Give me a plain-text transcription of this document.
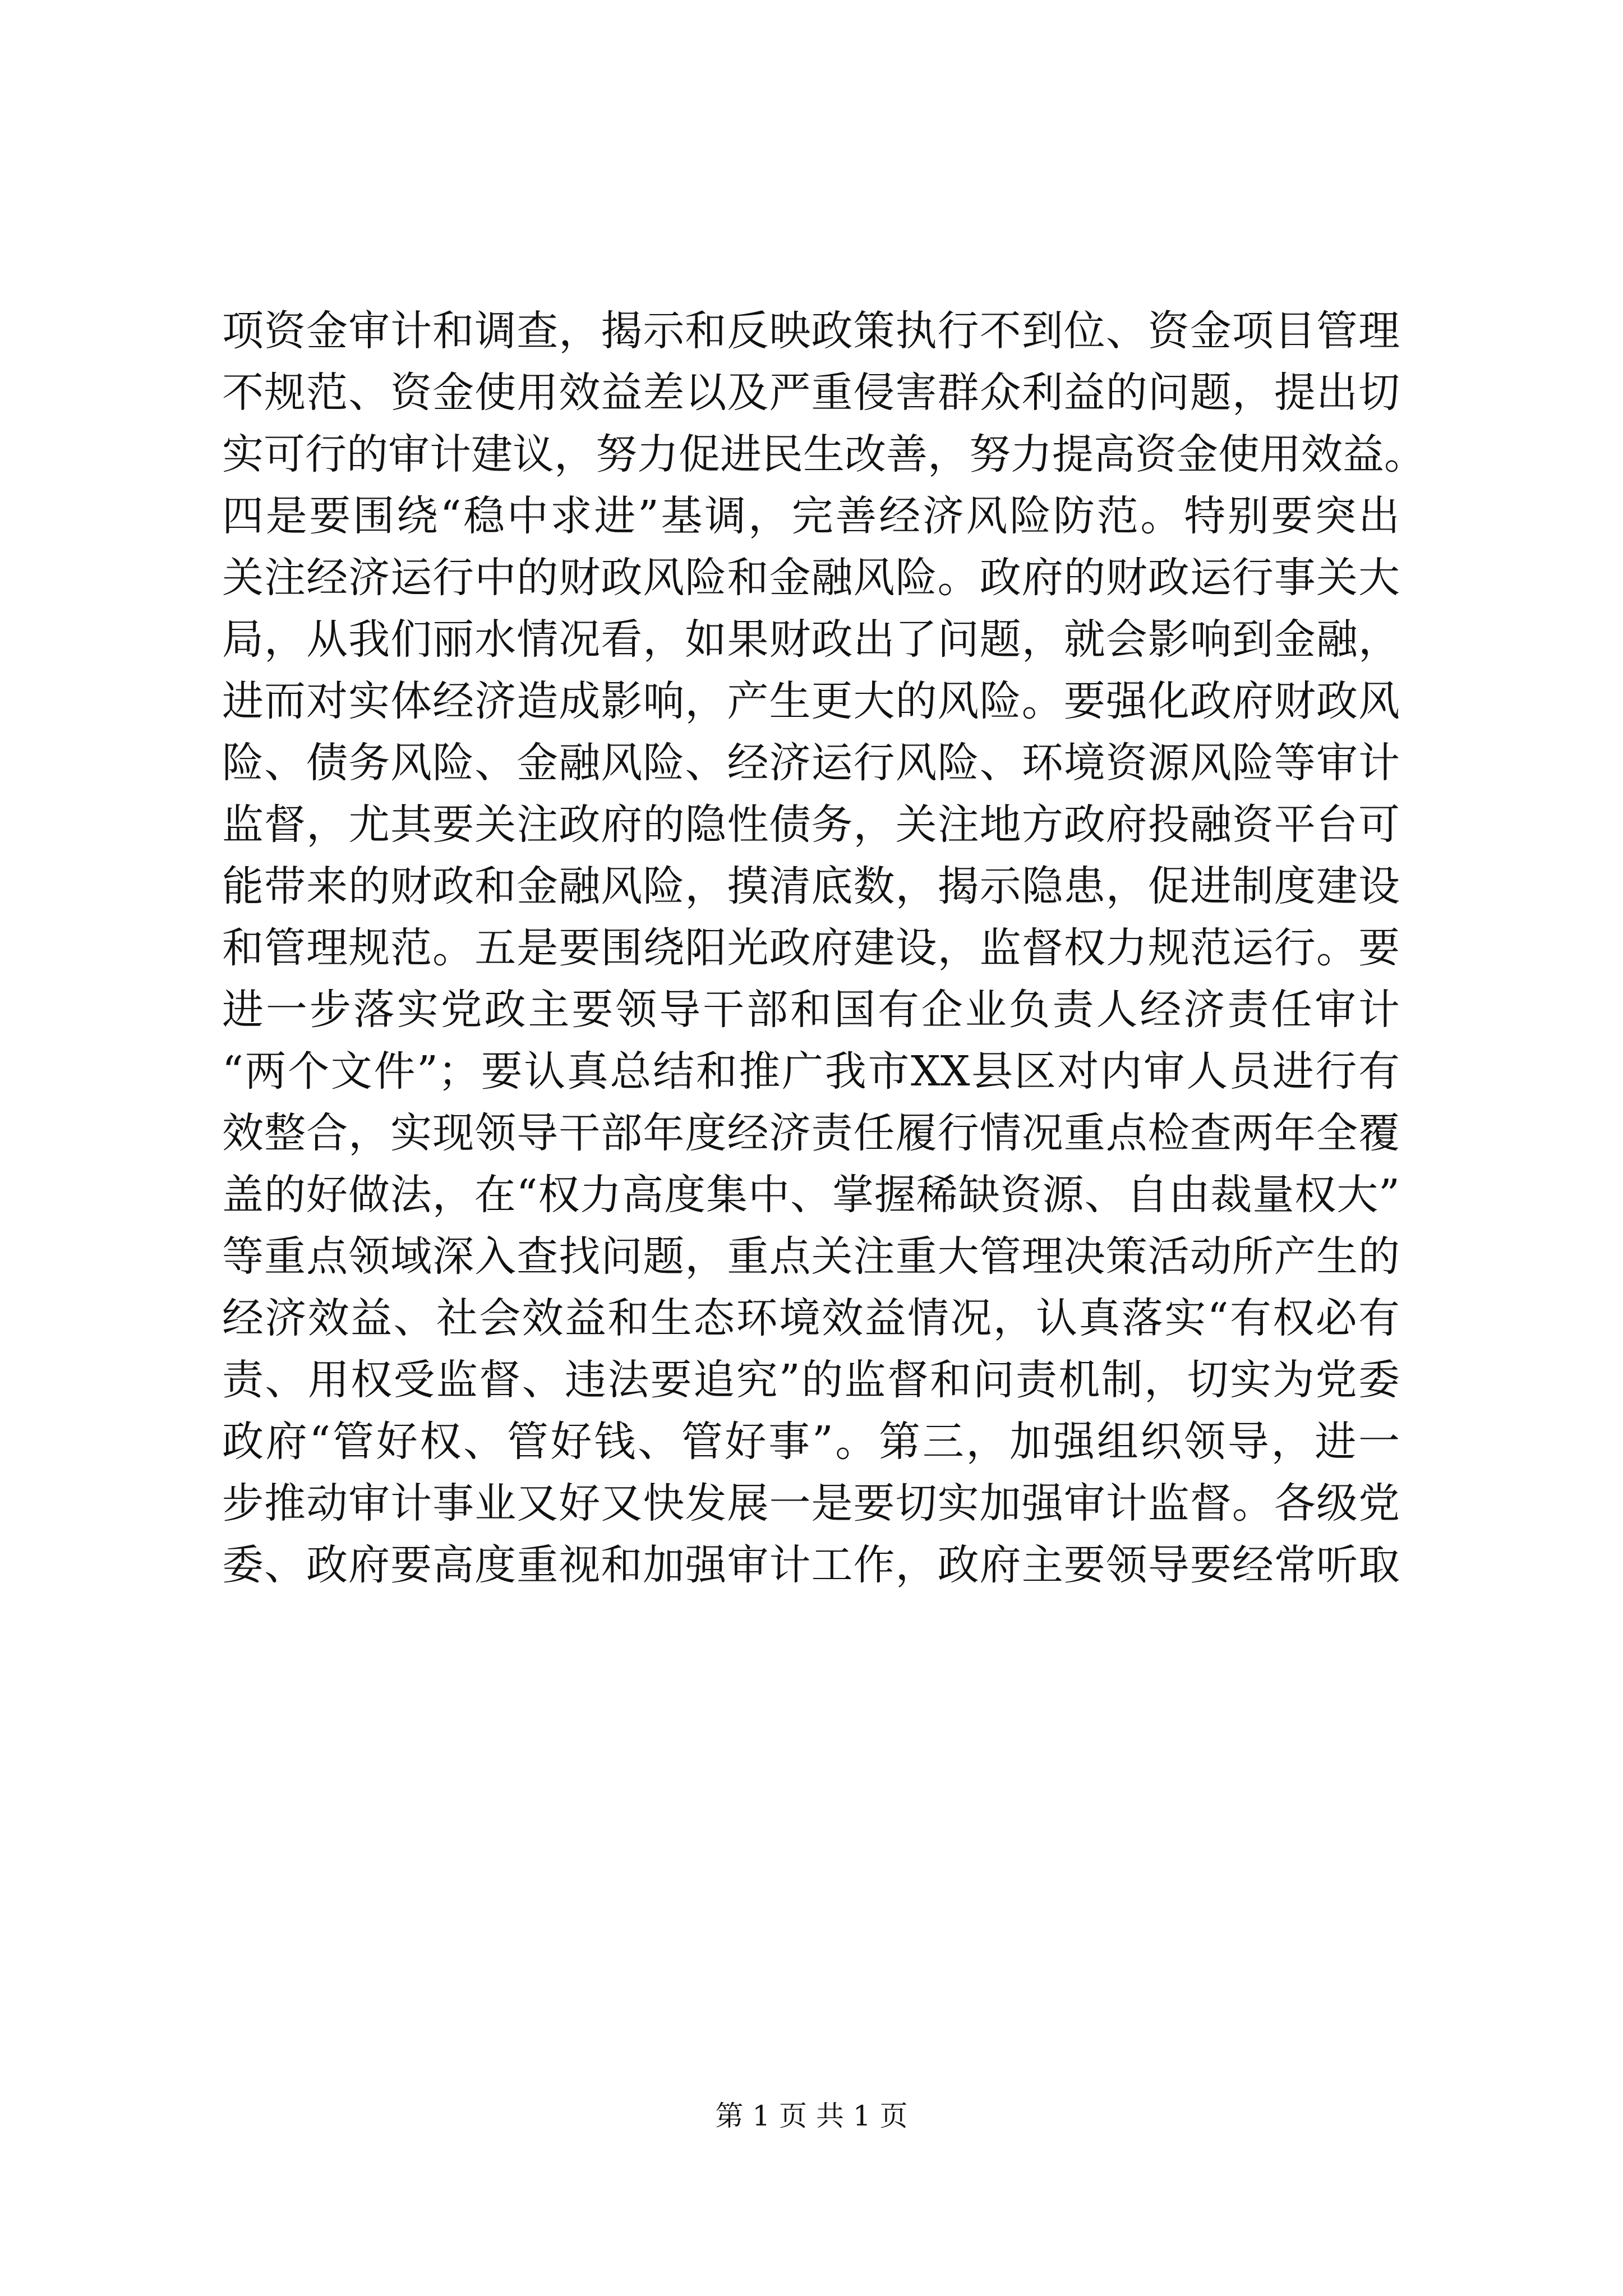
项资金审计和调查，揭示和反映政策执行不到位、资金项目管理
不规范、资金使用效益差以及严重侵害群众利益的问题，提出切
实可行的审计建议，努力促进民生改善，努力提高资金使用效益。
四是要围绕“稳中求进”基调，完善经济风险防范。特别要突出
关注经济运行中的财政风险和金融风险。政府的财政运行事关大
局，从我们丽水情况看，如果财政出了问题，就会影响到金融，
进而对实体经济造成影响，产生更大的风险。要强化政府财政风
险、债务风险、金融风险、经济运行风险、环境资源风险等审计
监督，尤其要关注政府的隐性债务，关注地方政府投融资平台可
能带来的财政和金融风险，摸清底数，揭示隐患，促进制度建设
和管理规范。五是要围绕阳光政府建设，监督权力规范运行。要
进一步落实党政主要领导干部和国有企业负责人经济责任审计
“两个文件”；要认真总结和推广我市XX县区对内审人员进行有
效整合，实现领导干部年度经济责任履行情况重点检查两年全覆
盖的好做法，在“权力高度集中、掌握稀缺资源、自由裁量权大”
等重点领域深入查找问题，重点关注重大管理决策活动所产生的
经济效益、社会效益和生态环境效益情况，认真落实“有权必有
责、用权受监督、违法要追究”的监督和问责机制，切实为党委
政府“管好权、管好钱、管好事”。第三，加强组织领导，进一
步推动审计事业又好又快发展一是要切实加强审计监督。各级党
委、政府要高度重视和加强审计工作，政府主要领导要经常听取
第 1 页 共 1 页
